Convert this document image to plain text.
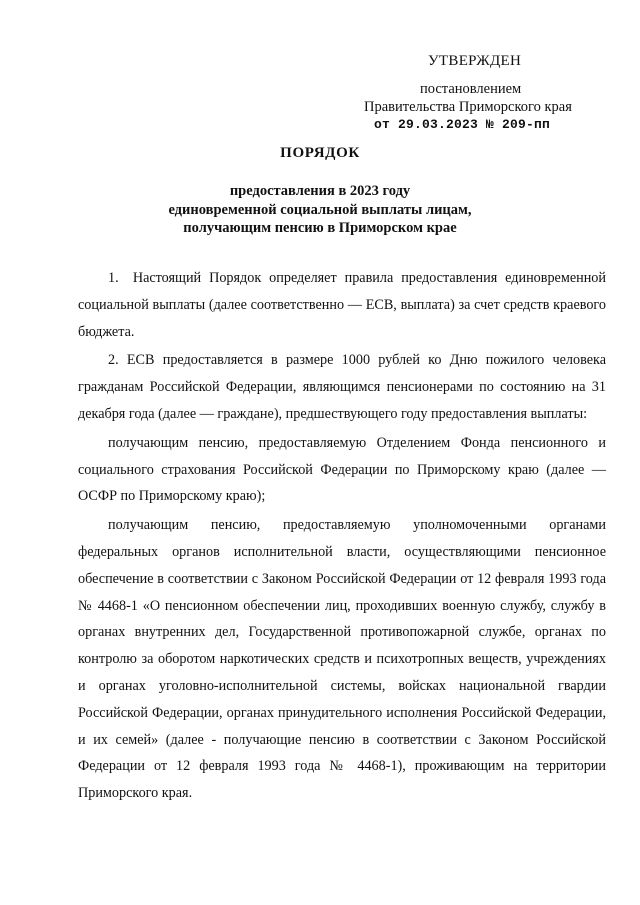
УТВЕРЖДЕН
постановлением
Правительства Приморского края
от 29.03.2023 № 209-пп
ПОРЯДОК
предоставления в 2023 году
единовременной социальной выплаты лицам,
получающим пенсию в Приморском крае

1. Настоящий Порядок определяет правила предоставления единовременной социальной выплаты (далее соответственно — ЕСВ, выплата) за счет средств краевого бюджета.

2. ЕСВ предоставляется в размере 1000 рублей ко Дню пожилого человека гражданам Российской Федерации, являющимся пенсионерами по состоянию на 31 декабря года (далее — граждане), предшествующего году предоставления выплаты:

получающим пенсию, предоставляемую Отделением Фонда пенсионного и социального страхования Российской Федерации по Приморскому краю (далее — ОСФР по Приморскому краю);

получающим пенсию, предоставляемую уполномоченными органами федеральных органов исполнительной власти, осуществляющими пенсионное обеспечение в соответствии с Законом Российской Федерации от 12 февраля 1993 года № 4468-1 «О пенсионном обеспечении лиц, проходивших военную службу, службу в органах внутренних дел, Государственной противопожарной службе, органах по контролю за оборотом наркотических средств и психотропных веществ, учреждениях и органах уголовно-исполнительной системы, войсках национальной гвардии Российской Федерации, органах принудительного исполнения Российской Федерации, и их семей» (далее - получающие пенсию в соответствии с Законом Российской Федерации от 12 февраля 1993 года № 4468-1), проживающим на территории Приморского края.
